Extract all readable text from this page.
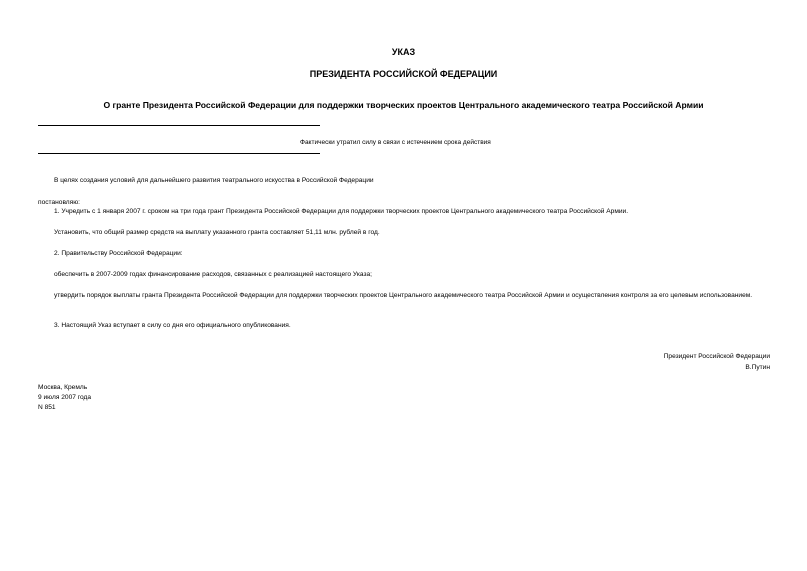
УКАЗ

ПРЕЗИДЕНТА РОССИЙСКОЙ ФЕДЕРАЦИИ

О гранте Президента Российской Федерации для поддержки творческих проектов Центрального академического театра Российской Армии

Фактически утратил силу в связи с истечением срока действия

В целях создания условий для дальнейшего развития театрального искусства в Российской Федерации

постановляю:

1. Учредить с 1 января 2007 г. сроком на три года грант Президента Российской Федерации для поддержки творческих проектов Центрального академического театра Российской Армии.

Установить, что общий размер средств на выплату указанного гранта составляет 51,11 млн. рублей в год.

2. Правительству Российской Федерации:

обеспечить в 2007-2009 годах финансирование расходов, связанных с реализацией настоящего Указа;

утвердить порядок выплаты гранта Президента Российской Федерации для поддержки творческих проектов Центрального академического театра Российской Армии и осуществления контроля за его целевым использованием.

3. Настоящий Указ вступает в силу со дня его официального опубликования.

Президент Российской Федерации

В.Путин

Москва, Кремль

9 июля 2007 года

N 851
